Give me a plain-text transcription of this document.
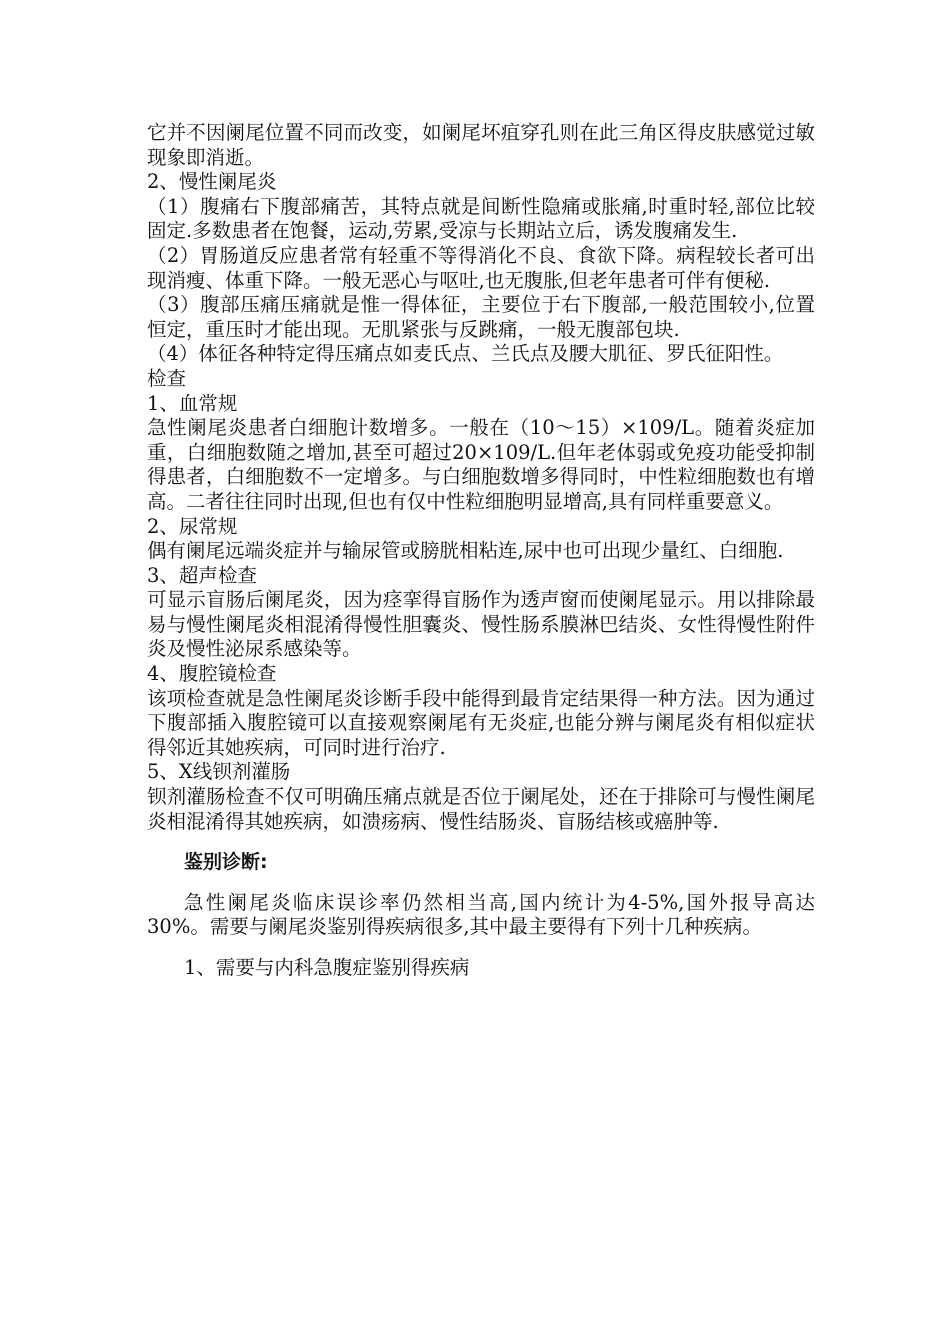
它并不因阑尾位置不同而改变，如阑尾坏疽穿孔则在此三角区得皮肤感觉过敏现象即消逝。

2、慢性阑尾炎

（1）腹痛右下腹部痛苦，其特点就是间断性隐痛或胀痛,时重时轻,部位比较固定.多数患者在饱餐，运动,劳累,受凉与长期站立后，诱发腹痛发生.

（2）胃肠道反应患者常有轻重不等得消化不良、食欲下降。病程较长者可出现消瘦、体重下降。一般无恶心与呕吐,也无腹胀,但老年患者可伴有便秘.

（3）腹部压痛压痛就是惟一得体征，主要位于右下腹部,一般范围较小,位置恒定，重压时才能出现。无肌紧张与反跳痛，一般无腹部包块.

（4）体征各种特定得压痛点如麦氏点、兰氏点及腰大肌征、罗氏征阳性。

检查

1、血常规

急性阑尾炎患者白细胞计数增多。一般在（10～15）×109/L。随着炎症加重，白细胞数随之增加,甚至可超过20×109/L.但年老体弱或免疫功能受抑制得患者，白细胞数不一定增多。与白细胞数增多得同时，中性粒细胞数也有增高。二者往往同时出现,但也有仅中性粒细胞明显增高,具有同样重要意义。

2、尿常规

偶有阑尾远端炎症并与输尿管或膀胱相粘连,尿中也可出现少量红、白细胞.

3、超声检查

可显示盲肠后阑尾炎，因为痉挛得盲肠作为透声窗而使阑尾显示。用以排除最易与慢性阑尾炎相混淆得慢性胆囊炎、慢性肠系膜淋巴结炎、女性得慢性附件炎及慢性泌尿系感染等。

4、腹腔镜检查

该项检查就是急性阑尾炎诊断手段中能得到最肯定结果得一种方法。因为通过下腹部插入腹腔镜可以直接观察阑尾有无炎症,也能分辨与阑尾炎有相似症状得邻近其她疾病，可同时进行治疗.

5、X线钡剂灌肠

钡剂灌肠检查不仅可明确压痛点就是否位于阑尾处，还在于排除可与慢性阑尾炎相混淆得其她疾病，如溃疡病、慢性结肠炎、盲肠结核或癌肿等.

鉴别诊断:

急性阑尾炎临床误诊率仍然相当高,国内统计为4-5%,国外报导高达30%。需要与阑尾炎鉴别得疾病很多,其中最主要得有下列十几种疾病。

1、需要与内科急腹症鉴别得疾病
